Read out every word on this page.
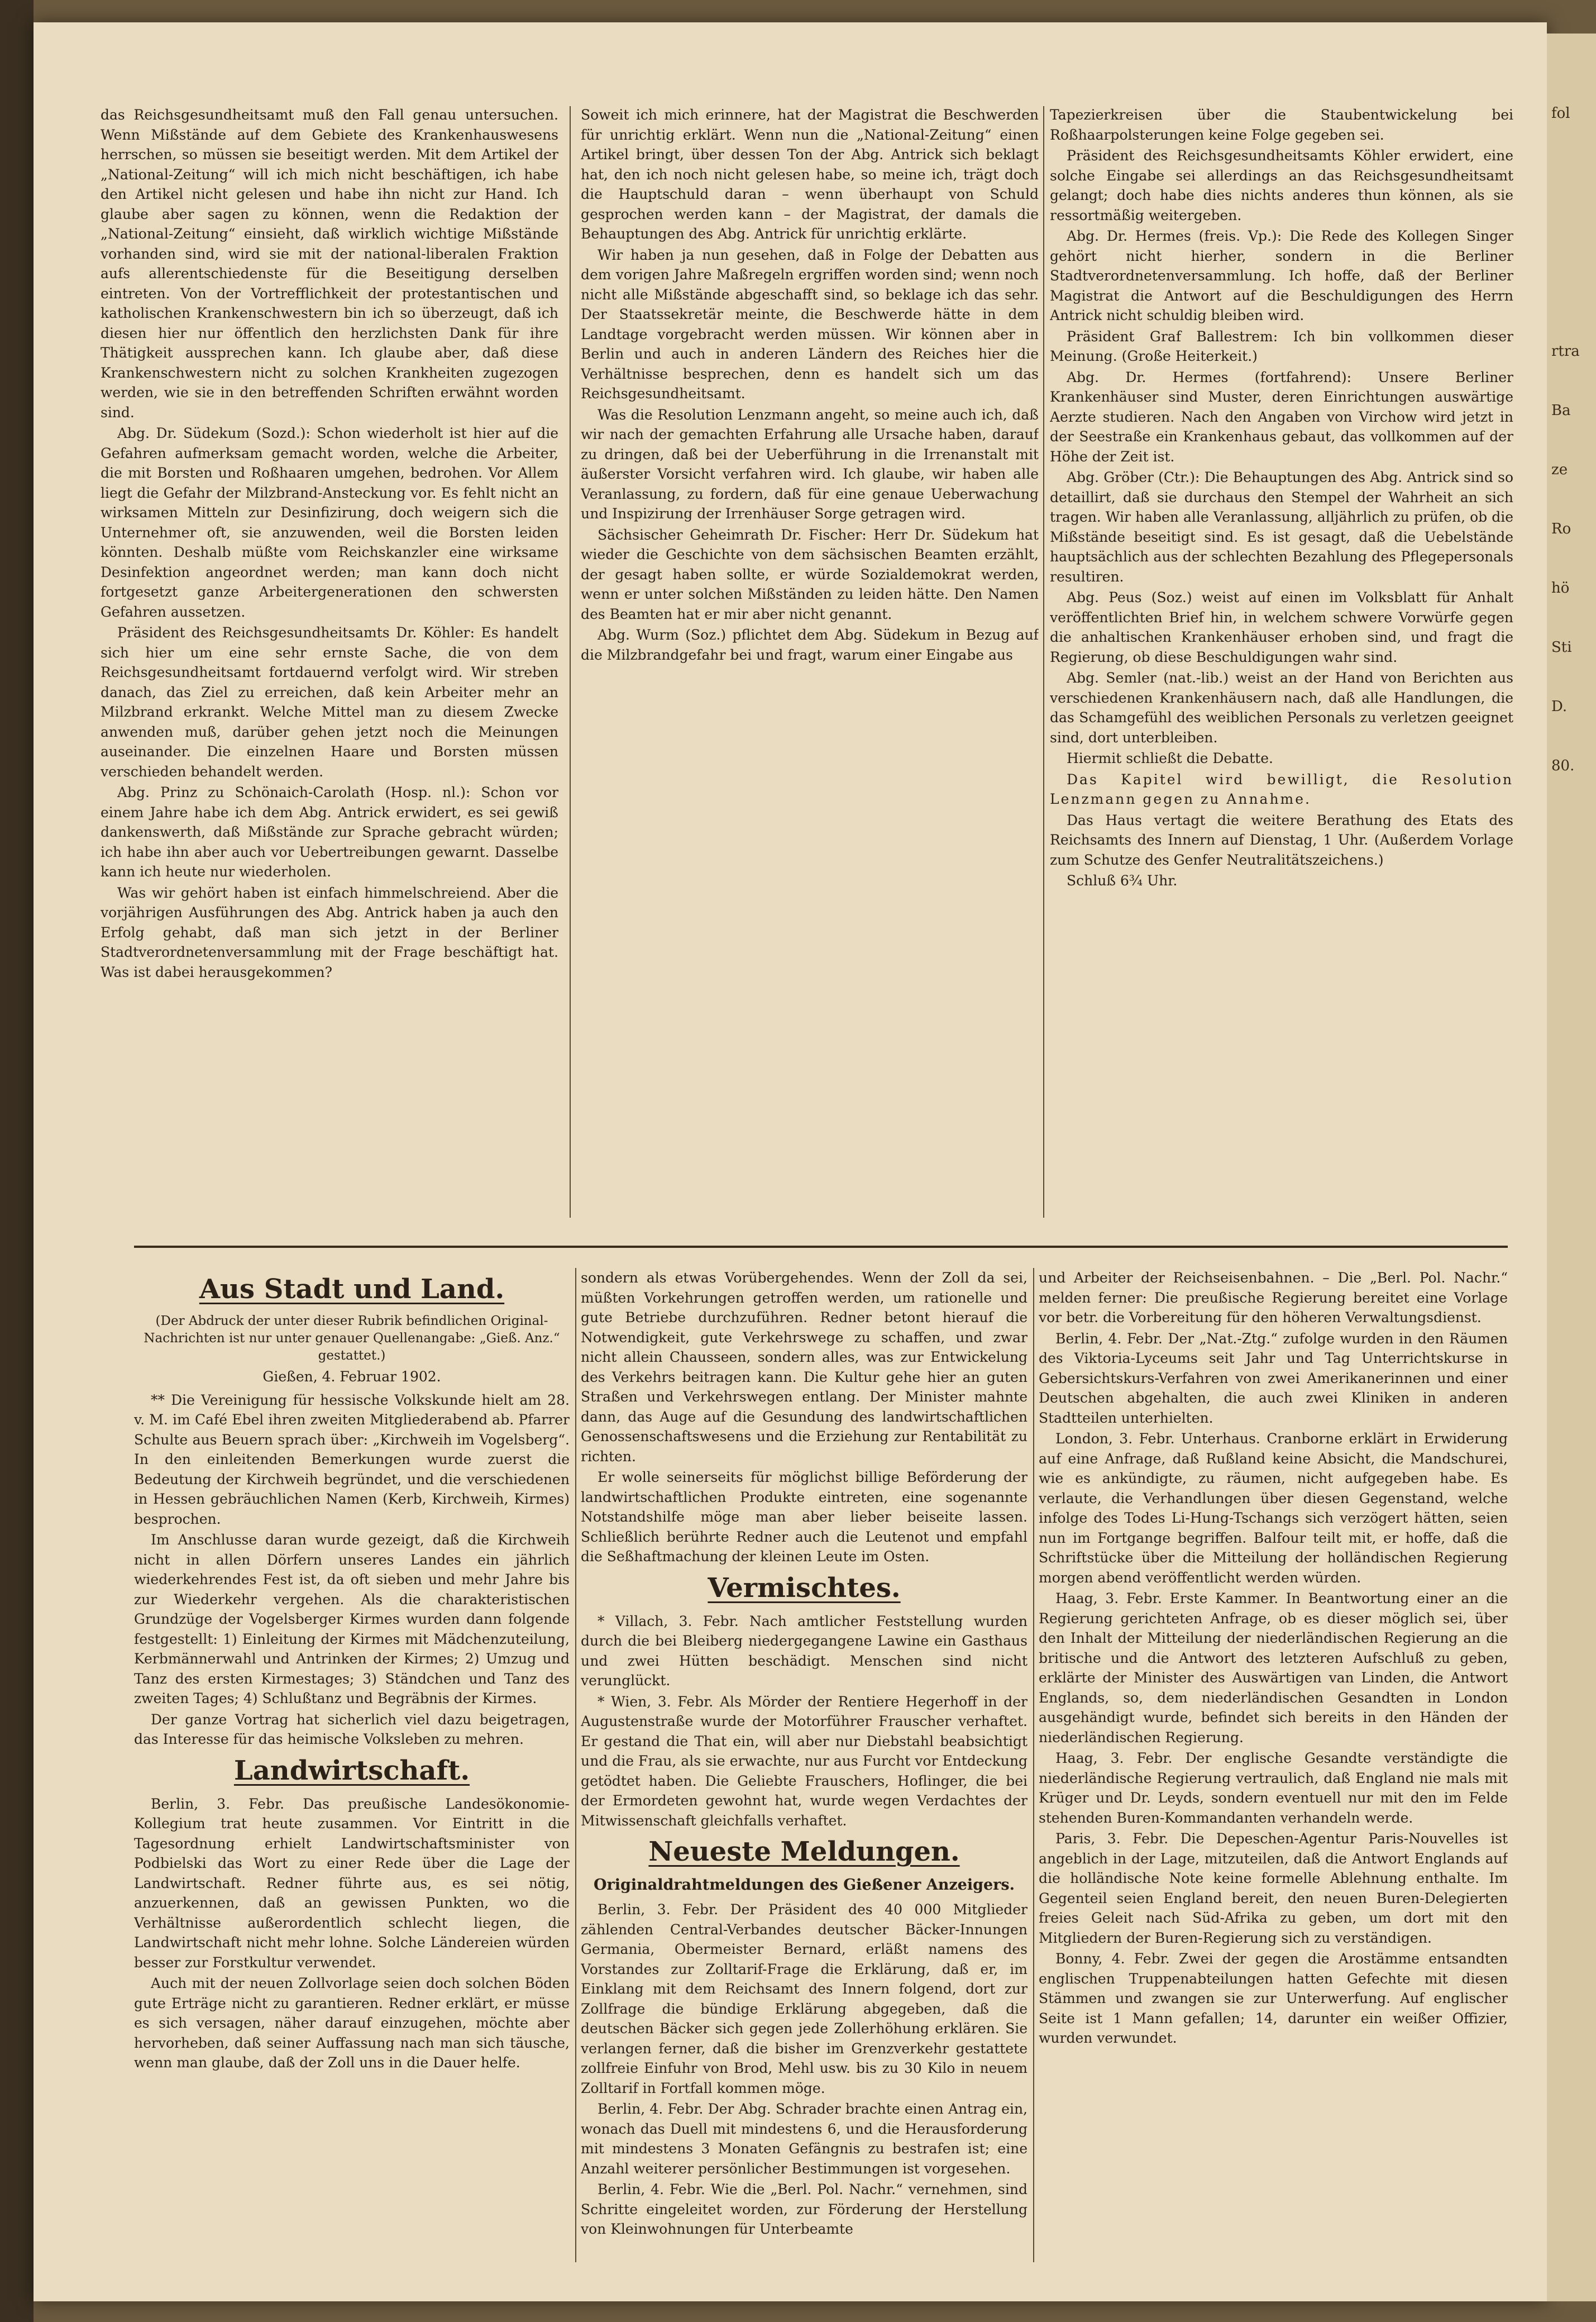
das Reichsgesundheitsamt muß den Fall genau untersuchen. Wenn Mißstände auf dem Gebiete des Krankenhauswesens herrschen, so müssen sie beseitigt werden. Mit dem Artikel der „National-Zeitung“ will ich mich nicht beschäftigen, ich habe den Artikel nicht gelesen und habe ihn nicht zur Hand. Ich glaube aber sagen zu können, wenn die Redaktion der „National-Zeitung“ einsieht, daß wirklich wichtige Mißstände vorhanden sind, wird sie mit der national-liberalen Fraktion aufs allerentschiedenste für die Beseitigung derselben eintreten. Von der Vortrefflichkeit der protestantischen und katholischen Krankenschwestern bin ich so überzeugt, daß ich diesen hier nur öffentlich den herzlichsten Dank für ihre Thätigkeit aussprechen kann. Ich glaube aber, daß diese Krankenschwestern nicht zu solchen Krankheiten zugezogen werden, wie sie in den betreffenden Schriften erwähnt worden sind.

Abg. Dr. Südekum (Sozd.): Schon wiederholt ist hier auf die Gefahren aufmerksam gemacht worden, welche die Arbeiter, die mit Borsten und Roßhaaren umgehen, bedrohen. Vor Allem liegt die Gefahr der Milzbrand-Ansteckung vor. Es fehlt nicht an wirksamen Mitteln zur Desinfizirung, doch weigern sich die Unternehmer oft, sie anzuwenden, weil die Borsten leiden könnten. Deshalb müßte vom Reichskanzler eine wirksame Desinfektion angeordnet werden; man kann doch nicht fortgesetzt ganze Arbeitergenerationen den schwersten Gefahren aussetzen.

Präsident des Reichsgesundheitsamts Dr. Köhler: Es handelt sich hier um eine sehr ernste Sache, die von dem Reichsgesundheitsamt fortdauernd verfolgt wird. Wir streben danach, das Ziel zu erreichen, daß kein Arbeiter mehr an Milzbrand erkrankt. Welche Mittel man zu diesem Zwecke anwenden muß, darüber gehen jetzt noch die Meinungen auseinander. Die einzelnen Haare und Borsten müssen verschieden behandelt werden.

Abg. Prinz zu Schönaich-Carolath (Hosp. nl.): Schon vor einem Jahre habe ich dem Abg. Antrick erwidert, es sei gewiß dankenswerth, daß Mißstände zur Sprache gebracht würden; ich habe ihn aber auch vor Uebertreibungen gewarnt. Dasselbe kann ich heute nur wiederholen.

Was wir gehört haben ist einfach himmelschreiend. Aber die vorjährigen Ausführungen des Abg. Antrick haben ja auch den Erfolg gehabt, daß man sich jetzt in der Berliner Stadtverordnetenversammlung mit der Frage beschäftigt hat. Was ist dabei herausgekommen?

Soweit ich mich erinnere, hat der Magistrat die Beschwerden für unrichtig erklärt. Wenn nun die „National-Zeitung“ einen Artikel bringt, über dessen Ton der Abg. Antrick sich beklagt hat, den ich noch nicht gelesen habe, so meine ich, trägt doch die Hauptschuld daran – wenn überhaupt von Schuld gesprochen werden kann – der Magistrat, der damals die Behauptungen des Abg. Antrick für unrichtig erklärte.

Wir haben ja nun gesehen, daß in Folge der Debatten aus dem vorigen Jahre Maßregeln ergriffen worden sind; wenn noch nicht alle Mißstände abgeschafft sind, so beklage ich das sehr. Der Staatssekretär meinte, die Beschwerde hätte in dem Landtage vorgebracht werden müssen. Wir können aber in Berlin und auch in anderen Ländern des Reiches hier die Verhältnisse besprechen, denn es handelt sich um das Reichsgesundheitsamt.

Was die Resolution Lenzmann angeht, so meine auch ich, daß wir nach der gemachten Erfahrung alle Ursache haben, darauf zu dringen, daß bei der Ueberführung in die Irrenanstalt mit äußerster Vorsicht verfahren wird. Ich glaube, wir haben alle Veranlassung, zu fordern, daß für eine genaue Ueberwachung und Inspizirung der Irrenhäuser Sorge getragen wird.

Sächsischer Geheimrath Dr. Fischer: Herr Dr. Südekum hat wieder die Geschichte von dem sächsischen Beamten erzählt, der gesagt haben sollte, er würde Sozialdemokrat werden, wenn er unter solchen Mißständen zu leiden hätte. Den Namen des Beamten hat er mir aber nicht genannt.

Abg. Wurm (Soz.) pflichtet dem Abg. Südekum in Bezug auf die Milzbrandgefahr bei und fragt, warum einer Eingabe aus

Tapezierkreisen über die Staubentwickelung bei Roßhaarpolsterungen keine Folge gegeben sei.

Präsident des Reichsgesundheitsamts Köhler erwidert, eine solche Eingabe sei allerdings an das Reichsgesundheitsamt gelangt; doch habe dies nichts anderes thun können, als sie ressortmäßig weitergeben.

Abg. Dr. Hermes (freis. Vp.): Die Rede des Kollegen Singer gehört nicht hierher, sondern in die Berliner Stadtverordnetenversammlung. Ich hoffe, daß der Berliner Magistrat die Antwort auf die Beschuldigungen des Herrn Antrick nicht schuldig bleiben wird.

Präsident Graf Ballestrem: Ich bin vollkommen dieser Meinung. (Große Heiterkeit.)

Abg. Dr. Hermes (fortfahrend): Unsere Berliner Krankenhäuser sind Muster, deren Einrichtungen auswärtige Aerzte studieren. Nach den Angaben von Virchow wird jetzt in der Seestraße ein Krankenhaus gebaut, das vollkommen auf der Höhe der Zeit ist.

Abg. Gröber (Ctr.): Die Behauptungen des Abg. Antrick sind so detaillirt, daß sie durchaus den Stempel der Wahrheit an sich tragen. Wir haben alle Veranlassung, alljährlich zu prüfen, ob die Mißstände beseitigt sind. Es ist gesagt, daß die Uebelstände hauptsächlich aus der schlechten Bezahlung des Pflegepersonals resultiren.

Abg. Peus (Soz.) weist auf einen im Volksblatt für Anhalt veröffentlichten Brief hin, in welchem schwere Vorwürfe gegen die anhaltischen Krankenhäuser erhoben sind, und fragt die Regierung, ob diese Beschuldigungen wahr sind.

Abg. Semler (nat.-lib.) weist an der Hand von Berichten aus verschiedenen Krankenhäusern nach, daß alle Handlungen, die das Schamgefühl des weiblichen Personals zu verletzen geeignet sind, dort unterbleiben.

Hiermit schließt die Debatte.

Das Kapitel wird bewilligt, die Resolution Lenzmann gegen zu Annahme.

Das Haus vertagt die weitere Berathung des Etats des Reichsamts des Innern auf Dienstag, 1 Uhr. (Außerdem Vorlage zum Schutze des Genfer Neutralitätszeichens.)

Schluß 6¾ Uhr.

Aus Stadt und Land.
(Der Abdruck der unter dieser Rubrik befindlichen Original-Nachrichten ist nur unter genauer Quellenangabe: „Gieß. Anz.“ gestattet.)
Gießen, 4. Februar 1902.

** Die Vereinigung für hessische Volkskunde hielt am 28. v. M. im Café Ebel ihren zweiten Mitgliederabend ab. Pfarrer Schulte aus Beuern sprach über: „Kirchweih im Vogelsberg“. In den einleitenden Bemerkungen wurde zuerst die Bedeutung der Kirchweih begründet, und die verschiedenen in Hessen gebräuchlichen Namen (Kerb, Kirchweih, Kirmes) besprochen.

Im Anschlusse daran wurde gezeigt, daß die Kirchweih nicht in allen Dörfern unseres Landes ein jährlich wiederkehrendes Fest ist, da oft sieben und mehr Jahre bis zur Wiederkehr vergehen. Als die charakteristischen Grundzüge der Vogelsberger Kirmes wurden dann folgende festgestellt: 1) Einleitung der Kirmes mit Mädchenzuteilung, Kerbmännerwahl und Antrinken der Kirmes; 2) Umzug und Tanz des ersten Kirmestages; 3) Ständchen und Tanz des zweiten Tages; 4) Schlußtanz und Begräbnis der Kirmes.

Der ganze Vortrag hat sicherlich viel dazu beigetragen, das Interesse für das heimische Volksleben zu mehren.

Landwirtschaft.

Berlin, 3. Febr. Das preußische Landesökonomie-Kollegium trat heute zusammen. Vor Eintritt in die Tagesordnung erhielt Landwirtschaftsminister von Podbielski das Wort zu einer Rede über die Lage der Landwirtschaft. Redner führte aus, es sei nötig, anzuerkennen, daß an gewissen Punkten, wo die Verhältnisse außerordentlich schlecht liegen, die Landwirtschaft nicht mehr lohne. Solche Ländereien würden besser zur Forstkultur verwendet.

Auch mit der neuen Zollvorlage seien doch solchen Böden gute Erträge nicht zu garantieren. Redner erklärt, er müsse es sich versagen, näher darauf einzugehen, möchte aber hervorheben, daß seiner Auffassung nach man sich täusche, wenn man glaube, daß der Zoll uns in die Dauer helfe.

sondern als etwas Vorübergehendes. Wenn der Zoll da sei, müßten Vorkehrungen getroffen werden, um rationelle und gute Betriebe durchzuführen. Redner betont hierauf die Notwendigkeit, gute Verkehrswege zu schaffen, und zwar nicht allein Chausseen, sondern alles, was zur Entwickelung des Verkehrs beitragen kann. Die Kultur gehe hier an guten Straßen und Verkehrswegen entlang. Der Minister mahnte dann, das Auge auf die Gesundung des landwirtschaftlichen Genossenschaftswesens und die Erziehung zur Rentabilität zu richten.

Er wolle seinerseits für möglichst billige Beförderung der landwirtschaftlichen Produkte eintreten, eine sogenannte Notstandshilfe möge man aber lieber beiseite lassen. Schließlich berührte Redner auch die Leutenot und empfahl die Seßhaftmachung der kleinen Leute im Osten.

Vermischtes.

* Villach, 3. Febr. Nach amtlicher Feststellung wurden durch die bei Bleiberg niedergegangene Lawine ein Gasthaus und zwei Hütten beschädigt. Menschen sind nicht verunglückt.

* Wien, 3. Febr. Als Mörder der Rentiere Hegerhoff in der Augustenstraße wurde der Motorführer Frauscher verhaftet. Er gestand die That ein, will aber nur Diebstahl beabsichtigt und die Frau, als sie erwachte, nur aus Furcht vor Entdeckung getödtet haben. Die Geliebte Frauschers, Hoflinger, die bei der Ermordeten gewohnt hat, wurde wegen Verdachtes der Mitwissenschaft gleichfalls verhaftet.

Neueste Meldungen.
Originaldrahtmeldungen des Gießener Anzeigers.

Berlin, 3. Febr. Der Präsident des 40 000 Mitglieder zählenden Central-Verbandes deutscher Bäcker-Innungen Germania, Obermeister Bernard, erläßt namens des Vorstandes zur Zolltarif-Frage die Erklärung, daß er, im Einklang mit dem Reichsamt des Innern folgend, dort zur Zollfrage die bündige Erklärung abgegeben, daß die deutschen Bäcker sich gegen jede Zollerhöhung erklären. Sie verlangen ferner, daß die bisher im Grenzverkehr gestattete zollfreie Einfuhr von Brod, Mehl usw. bis zu 30 Kilo in neuem Zolltarif in Fortfall kommen möge.

Berlin, 4. Febr. Der Abg. Schrader brachte einen Antrag ein, wonach das Duell mit mindestens 6, und die Herausforderung mit mindestens 3 Monaten Gefängnis zu bestrafen ist; eine Anzahl weiterer persönlicher Bestimmungen ist vorgesehen.

Berlin, 4. Febr. Wie die „Berl. Pol. Nachr.“ vernehmen, sind Schritte eingeleitet worden, zur Förderung der Herstellung von Kleinwohnungen für Unterbeamte

und Arbeiter der Reichseisenbahnen. – Die „Berl. Pol. Nachr.“ melden ferner: Die preußische Regierung bereitet eine Vorlage vor betr. die Vorbereitung für den höheren Verwaltungsdienst.

Berlin, 4. Febr. Der „Nat.-Ztg.“ zufolge wurden in den Räumen des Viktoria-Lyceums seit Jahr und Tag Unterrichtskurse in Gebersichtskurs-Verfahren von zwei Amerikanerinnen und einer Deutschen abgehalten, die auch zwei Kliniken in anderen Stadtteilen unterhielten.

London, 3. Febr. Unterhaus. Cranborne erklärt in Erwiderung auf eine Anfrage, daß Rußland keine Absicht, die Mandschurei, wie es ankündigte, zu räumen, nicht aufgegeben habe. Es verlaute, die Verhandlungen über diesen Gegenstand, welche infolge des Todes Li-Hung-Tschangs sich verzögert hätten, seien nun im Fortgange begriffen. Balfour teilt mit, er hoffe, daß die Schriftstücke über die Mitteilung der holländischen Regierung morgen abend veröffentlicht werden würden.

Haag, 3. Febr. Erste Kammer. In Beantwortung einer an die Regierung gerichteten Anfrage, ob es dieser möglich sei, über den Inhalt der Mitteilung der niederländischen Regierung an die britische und die Antwort des letzteren Aufschluß zu geben, erklärte der Minister des Auswärtigen van Linden, die Antwort Englands, so, dem niederländischen Gesandten in London ausgehändigt wurde, befindet sich bereits in den Händen der niederländischen Regierung.

Haag, 3. Febr. Der englische Gesandte verständigte die niederländische Regierung vertraulich, daß England nie mals mit Krüger und Dr. Leyds, sondern eventuell nur mit den im Felde stehenden Buren-Kommandanten verhandeln werde.

Paris, 3. Febr. Die Depeschen-Agentur Paris-Nouvelles ist angeblich in der Lage, mitzuteilen, daß die Antwort Englands auf die holländische Note keine formelle Ablehnung enthalte. Im Gegenteil seien England bereit, den neuen Buren-Delegierten freies Geleit nach Süd-Afrika zu geben, um dort mit den Mitgliedern der Buren-Regierung sich zu verständigen.

Bonny, 4. Febr. Zwei der gegen die Arostämme entsandten englischen Truppenabteilungen hatten Gefechte mit diesen Stämmen und zwangen sie zur Unterwerfung. Auf englischer Seite ist 1 Mann gefallen; 14, darunter ein weißer Offizier, wurden verwundet.

fol
rtra
Ba
ze
Ro
hö
Sti
D.
80.
